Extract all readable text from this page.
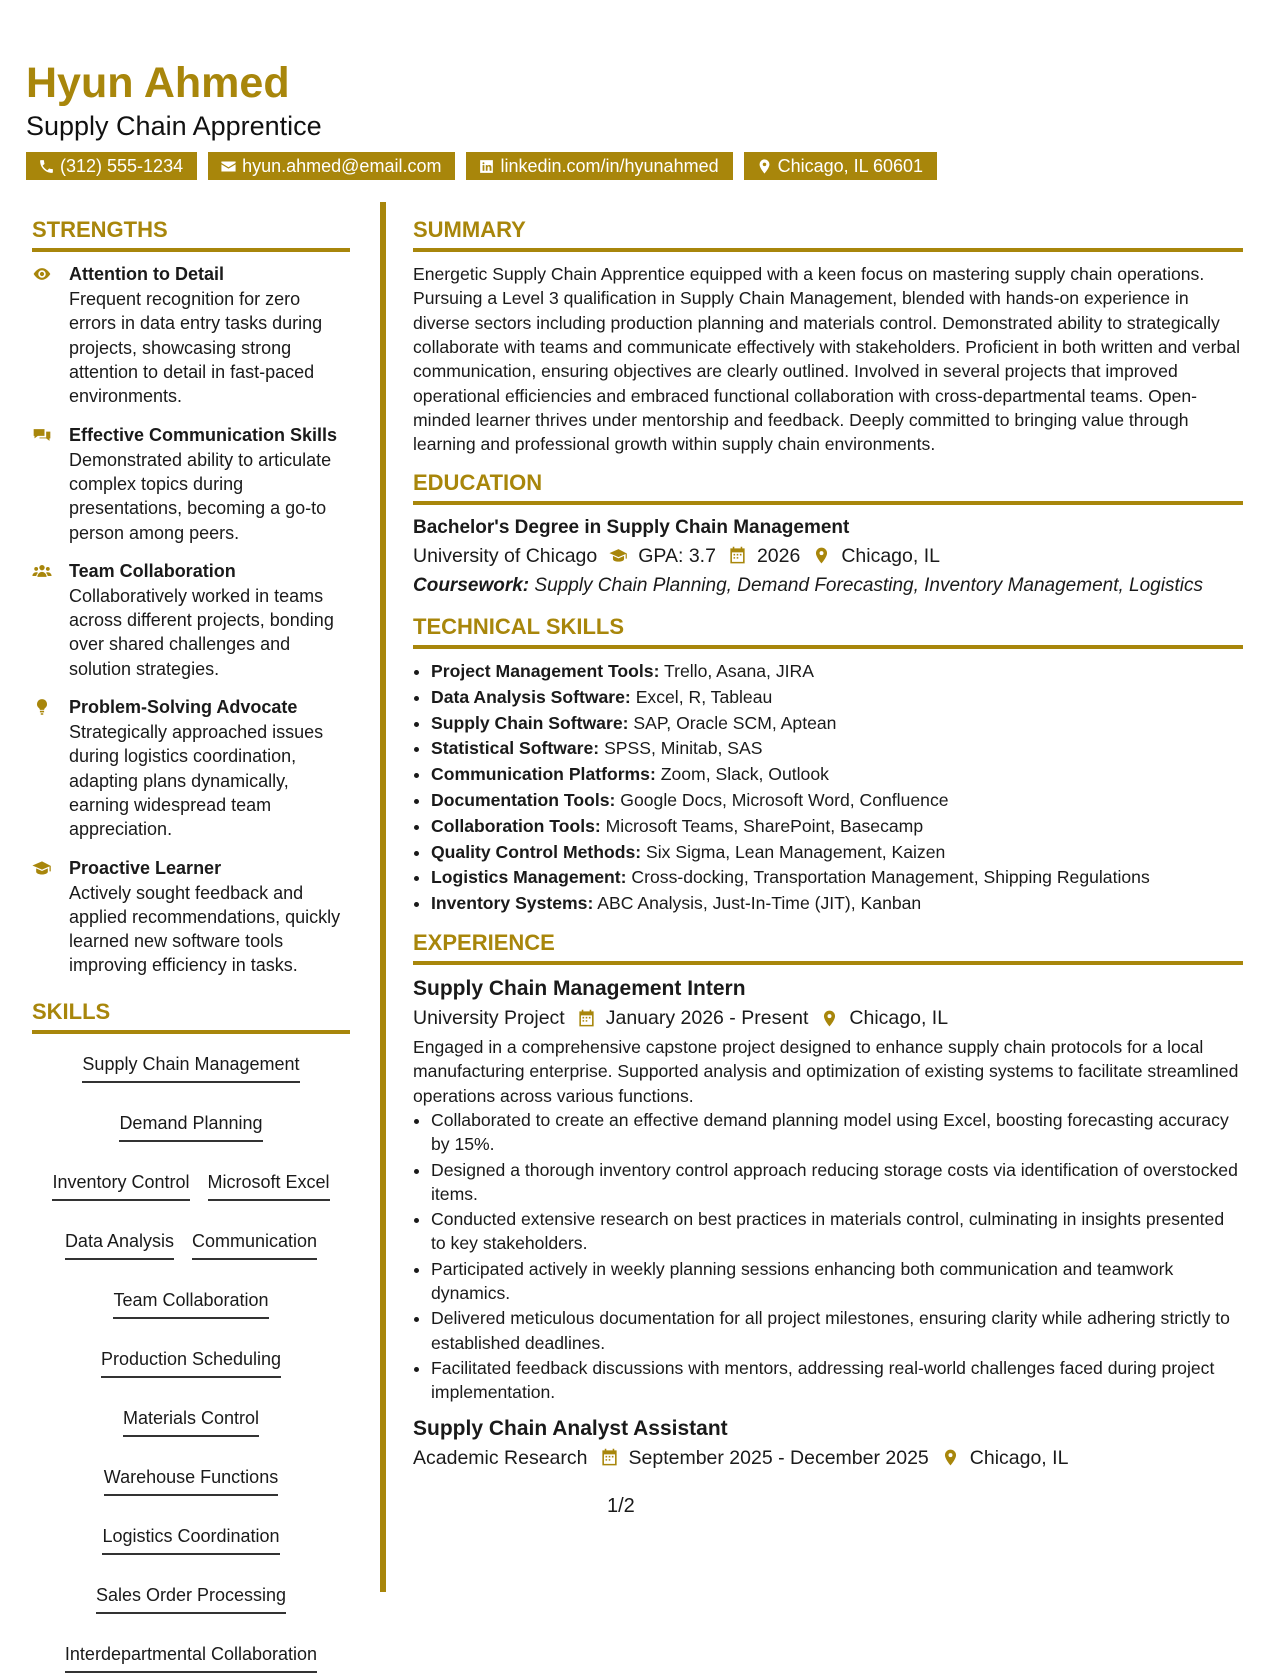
Hyun Ahmed
Supply Chain Apprentice
(312) 555-1234	hyun.ahmed@email.com	linkedin.com/in/hyunahmed	Chicago, IL 60601
STRENGTHS
Attention to Detail
Frequent recognition for zero errors in data entry tasks during projects, showcasing strong attention to detail in fast-paced environments.
Effective Communication Skills
Demonstrated ability to articulate complex topics during presentations, becoming a go-to person among peers.
Team Collaboration
Collaboratively worked in teams across different projects, bonding over shared challenges and solution strategies.
Problem-Solving Advocate
Strategically approached issues during logistics coordination, adapting plans dynamically, earning widespread team appreciation.
Proactive Learner
Actively sought feedback and applied recommendations, quickly learned new software tools improving efficiency in tasks.
SKILLS
Supply Chain Management
Demand Planning
Inventory Control Microsoft Excel
Data Analysis Communication
Team Collaboration
Production Scheduling
Materials Control
Warehouse Functions
Logistics Coordination
Sales Order Processing
Interdepartmental Collaboration
SUMMARY
Energetic Supply Chain Apprentice equipped with a keen focus on mastering supply chain operations. Pursuing a Level 3 qualification in Supply Chain Management, blended with hands-on experience in diverse sectors including production planning and materials control. Demonstrated ability to strategically collaborate with teams and communicate effectively with stakeholders. Proficient in both written and verbal communication, ensuring objectives are clearly outlined. Involved in several projects that improved operational efficiencies and embraced functional collaboration with cross-departmental teams. Open-minded learner thrives under mentorship and feedback. Deeply committed to bringing value through learning and professional growth within supply chain environments.
EDUCATION
Bachelor's Degree in Supply Chain Management
University of Chicago GPA: 3.7 2026 Chicago, IL
Coursework: Supply Chain Planning, Demand Forecasting, Inventory Management, Logistics
TECHNICAL SKILLS
• Project Management Tools: Trello, Asana, JIRA
• Data Analysis Software: Excel, R, Tableau
• Supply Chain Software: SAP, Oracle SCM, Aptean
• Statistical Software: SPSS, Minitab, SAS
• Communication Platforms: Zoom, Slack, Outlook
• Documentation Tools: Google Docs, Microsoft Word, Confluence
• Collaboration Tools: Microsoft Teams, SharePoint, Basecamp
• Quality Control Methods: Six Sigma, Lean Management, Kaizen
• Logistics Management: Cross-docking, Transportation Management, Shipping Regulations
• Inventory Systems: ABC Analysis, Just-In-Time (JIT), Kanban
EXPERIENCE
Supply Chain Management Intern
University Project January 2026 - Present Chicago, IL
Engaged in a comprehensive capstone project designed to enhance supply chain protocols for a local manufacturing enterprise. Supported analysis and optimization of existing systems to facilitate streamlined operations across various functions.
• Collaborated to create an effective demand planning model using Excel, boosting forecasting accuracy by 15%.
• Designed a thorough inventory control approach reducing storage costs via identification of overstocked items.
• Conducted extensive research on best practices in materials control, culminating in insights presented to key stakeholders.
• Participated actively in weekly planning sessions enhancing both communication and teamwork dynamics.
• Delivered meticulous documentation for all project milestones, ensuring clarity while adhering strictly to established deadlines.
• Facilitated feedback discussions with mentors, addressing real-world challenges faced during project implementation.
Supply Chain Analyst Assistant
Academic Research September 2025 - December 2025 Chicago, IL
1/2
